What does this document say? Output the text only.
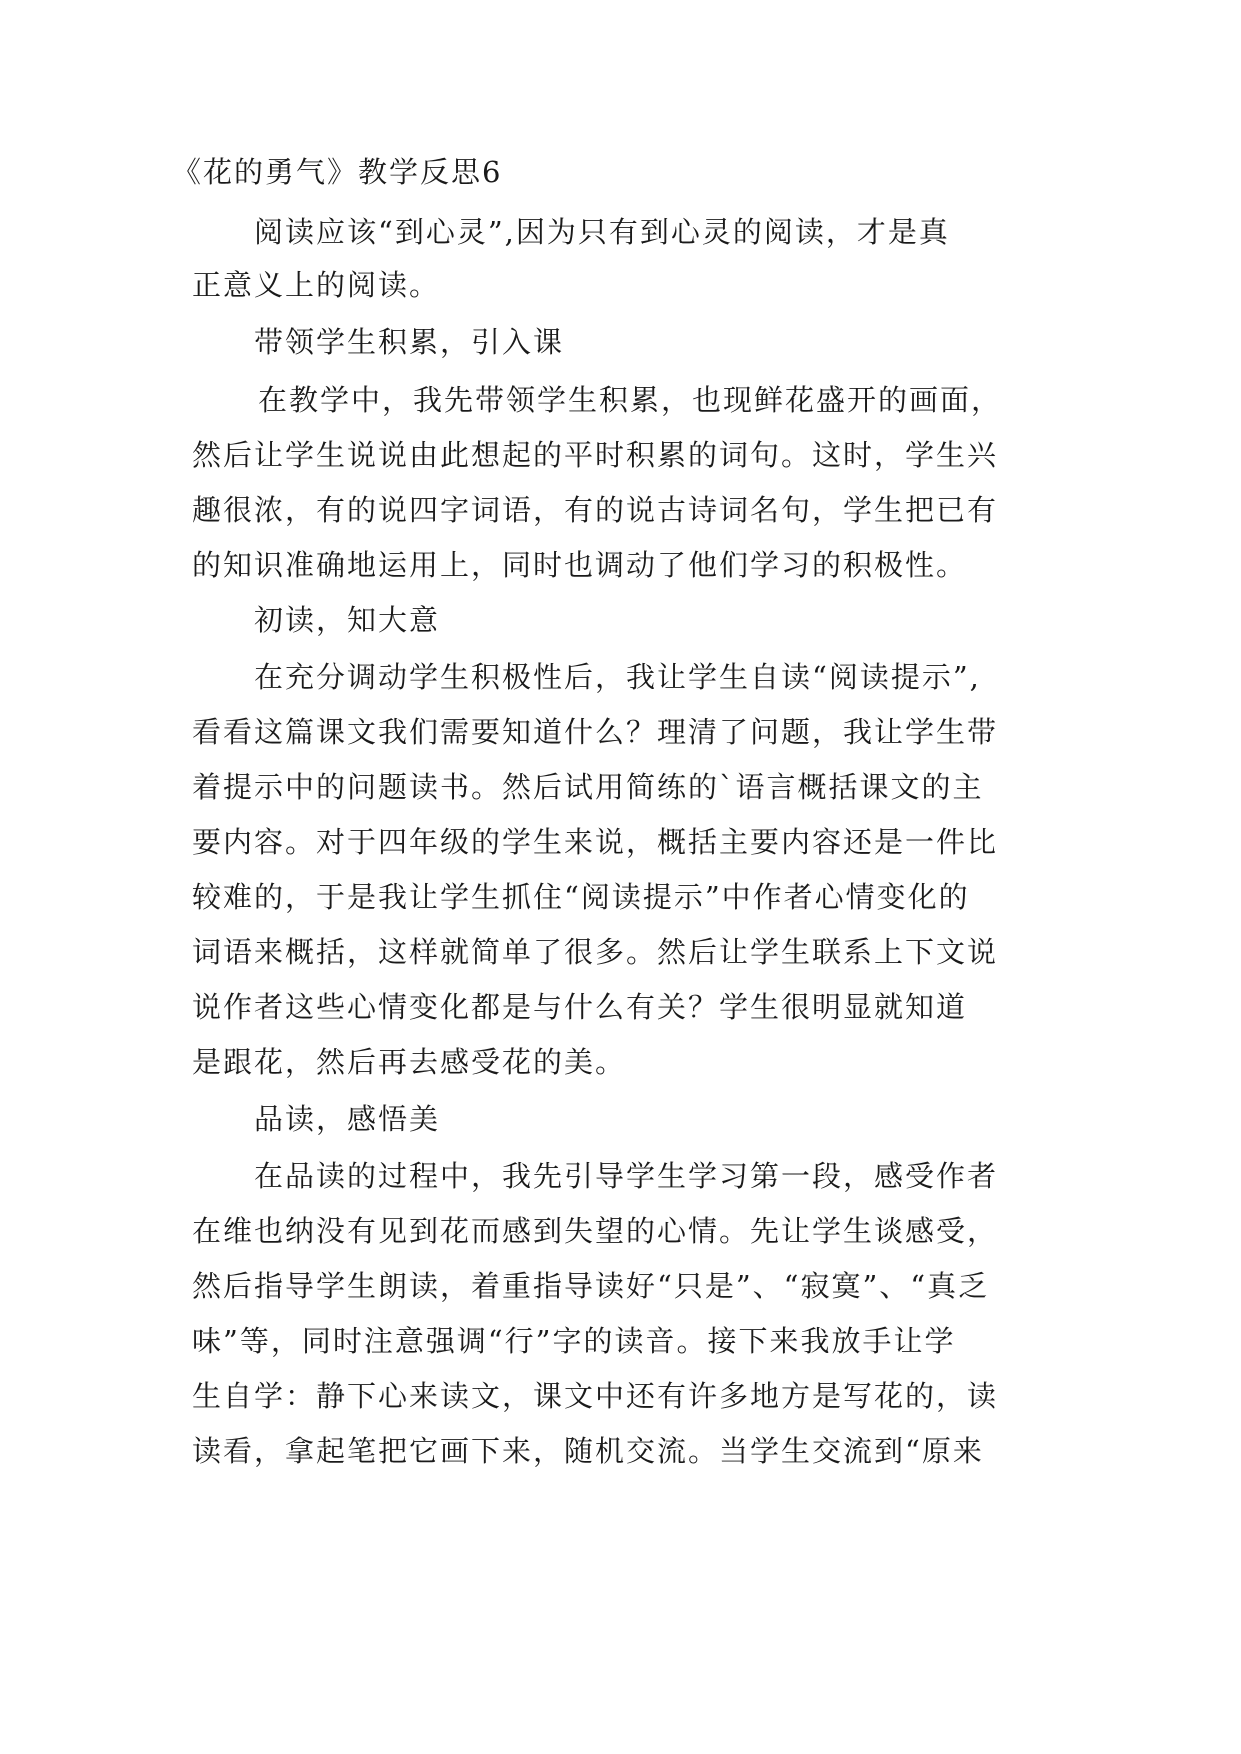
《花的勇气》教学反思6
阅读应该“到心灵”,因为只有到心灵的阅读，才是真
正意义上的阅读。
带领学生积累，引入课
在教学中，我先带领学生积累，也现鲜花盛开的画面，
然后让学生说说由此想起的平时积累的词句。这时，学生兴
趣很浓，有的说四字词语，有的说古诗词名句，学生把已有
的知识准确地运用上，同时也调动了他们学习的积极性。
初读，知大意
在充分调动学生积极性后，我让学生自读“阅读提示”,
看看这篇课文我们需要知道什么？理清了问题，我让学生带
着提示中的问题读书。然后试用简练的`语言概括课文的主
要内容。对于四年级的学生来说，概括主要内容还是一件比
较难的，于是我让学生抓住“阅读提示”中作者心情变化的
词语来概括，这样就简单了很多。然后让学生联系上下文说
说作者这些心情变化都是与什么有关？学生很明显就知道
是跟花，然后再去感受花的美。
品读，感悟美
在品读的过程中，我先引导学生学习第一段，感受作者
在维也纳没有见到花而感到失望的心情。先让学生谈感受，
然后指导学生朗读，着重指导读好“只是”、“寂寞”、“真乏
味”等，同时注意强调“行”字的读音。接下来我放手让学
生自学：静下心来读文，课文中还有许多地方是写花的，读
读看，拿起笔把它画下来，随机交流。当学生交流到“原来
